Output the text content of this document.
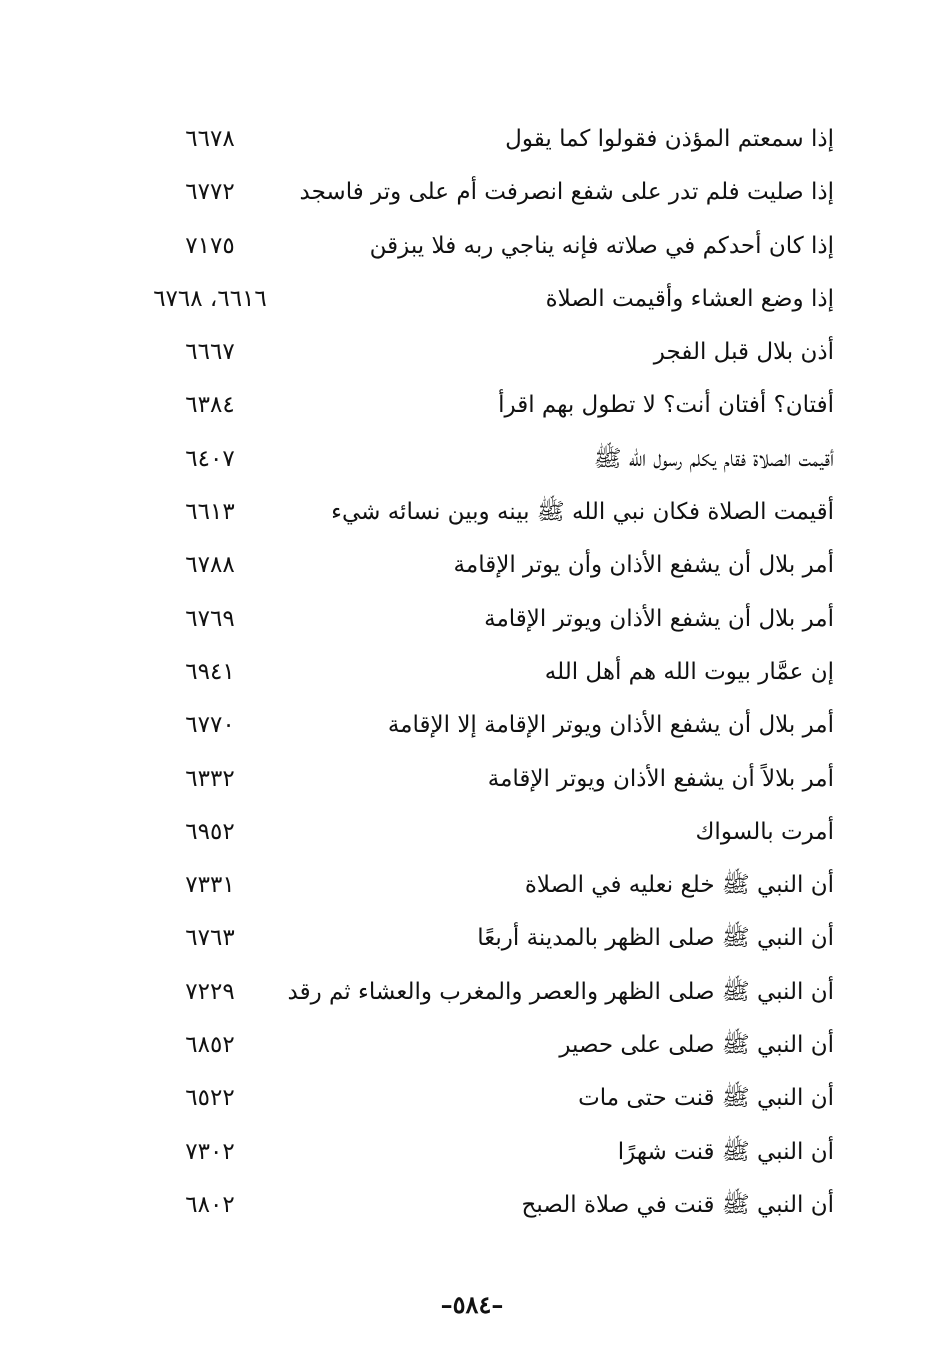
إذا سمعتم المؤذن فقولوا كما يقول
٦٦٧٨
إذا صليت فلم تدر على شفع انصرفت أم على وتر فاسجد
٦٧٧٢
إذا كان أحدكم في صلاته فإنه يناجي ربه فلا يبزقن
٧١٧٥
إذا وضع العشاء وأقيمت الصلاة
٦٦١٦، ٦٧٦٨
أذن بلال قبل الفجر
٦٦٦٧
أفتان؟ أفتان أنت؟ لا تطول بهم اقرأ
٦٣٨٤
أقيمت الصلاة فقام يكلم رسول الله ﷺ
٦٤٠٧
أقيمت الصلاة فكان نبي الله ﷺ بينه وبين نسائه شيء
٦٦١٣
أمر بلال أن يشفع الأذان وأن يوتر الإقامة
٦٧٨٨
أمر بلال أن يشفع الأذان ويوتر الإقامة
٦٧٦٩
إن عمَّار بيوت الله هم أهل الله
٦٩٤١
أمر بلال أن يشفع الأذان ويوتر الإقامة إلا الإقامة
٦٧٧٠
أمر بلالاً أن يشفع الأذان ويوتر الإقامة
٦٣٣٢
أمرت بالسواك
٦٩٥٢
أن النبي ﷺ خلع نعليه في الصلاة
٧٣٣١
أن النبي ﷺ صلى الظهر بالمدينة أربعًا
٦٧٦٣
أن النبي ﷺ صلى الظهر والعصر والمغرب والعشاء ثم رقد
٧٢٢٩
أن النبي ﷺ صلى على حصير
٦٨٥٢
أن النبي ﷺ قنت حتى مات
٦٥٢٢
أن النبي ﷺ قنت شهرًا
٧٣٠٢
أن النبي ﷺ قنت في صلاة الصبح
٦٨٠٢
–٥٨٤–
